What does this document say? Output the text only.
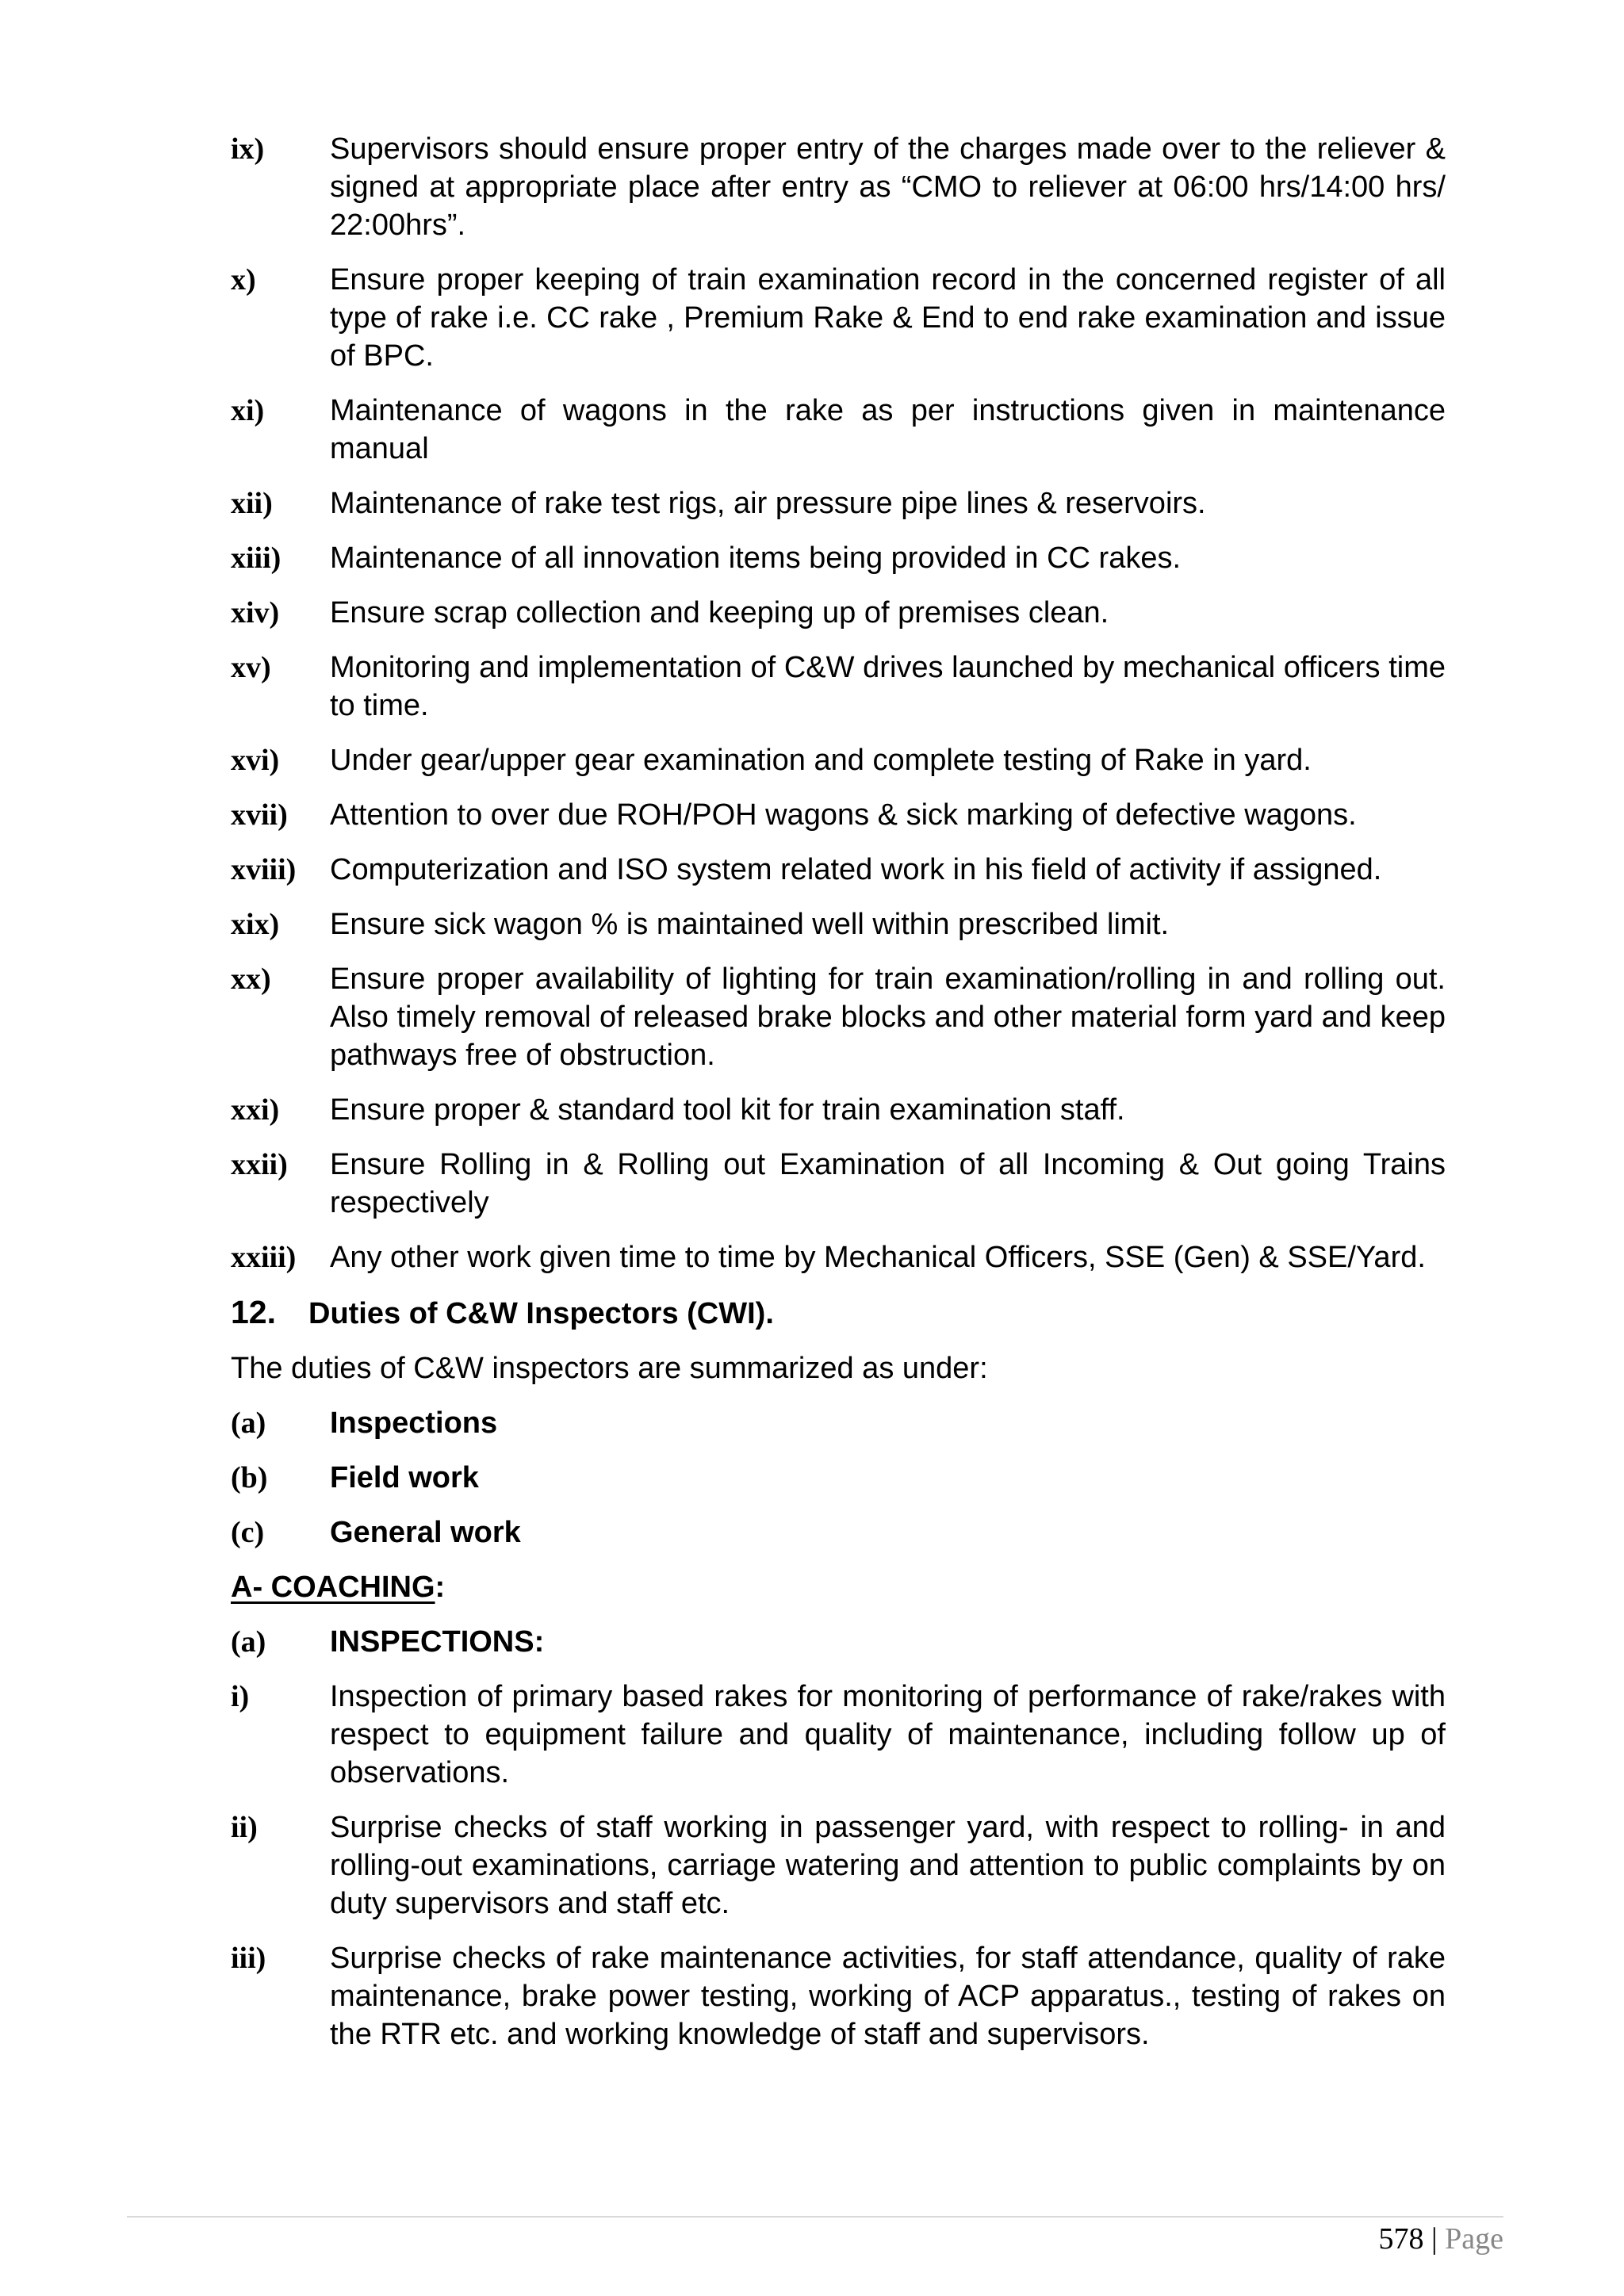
ix) Supervisors should ensure proper entry of the charges made over to the reliever & signed at appropriate place after entry as “CMO to reliever at 06:00 hrs/14:00 hrs/ 22:00hrs”.
x) Ensure proper keeping of train examination record in the concerned register of all type of rake i.e. CC rake , Premium Rake & End to end rake examination and issue of BPC.
xi) Maintenance of wagons in the rake as per instructions given in maintenance manual
xii) Maintenance of rake test rigs, air pressure pipe lines & reservoirs.
xiii) Maintenance of all innovation items being provided in CC rakes.
xiv) Ensure scrap collection and keeping up of premises clean.
xv) Monitoring and implementation of C&W drives launched by mechanical officers time to time.
xvi) Under gear/upper gear examination and complete testing of Rake in yard.
xvii) Attention to over due ROH/POH wagons & sick marking of defective wagons.
xviii) Computerization and ISO system related work in his field of activity if assigned.
xix) Ensure sick wagon % is maintained well within prescribed limit.
xx) Ensure proper availability of lighting for train examination/rolling in and rolling out. Also timely removal of released brake blocks and other material form yard and keep pathways free of obstruction.
xxi) Ensure proper & standard tool kit for train examination staff.
xxii) Ensure Rolling in & Rolling out Examination of all Incoming & Out going Trains respectively
xxiii) Any other work given time to time by Mechanical Officers, SSE (Gen) & SSE/Yard.
12. Duties of C&W Inspectors (CWI).
The duties of C&W inspectors are summarized as under:
(a) Inspections
(b) Field work
(c) General work
A- COACHING:
(a) INSPECTIONS:
i)	Inspection of primary based rakes for monitoring of performance of rake/rakes with respect to equipment failure and quality of maintenance, including follow up of observations.
ii) Surprise checks of staff working in passenger yard, with respect to rolling- in and rolling-out examinations, carriage watering and attention to public complaints by on duty supervisors and staff etc.
iii) Surprise checks of rake maintenance activities, for staff attendance, quality of rake maintenance, brake power testing, working of ACP apparatus., testing of rakes on the RTR etc. and working knowledge of staff and supervisors.
578 | Page
